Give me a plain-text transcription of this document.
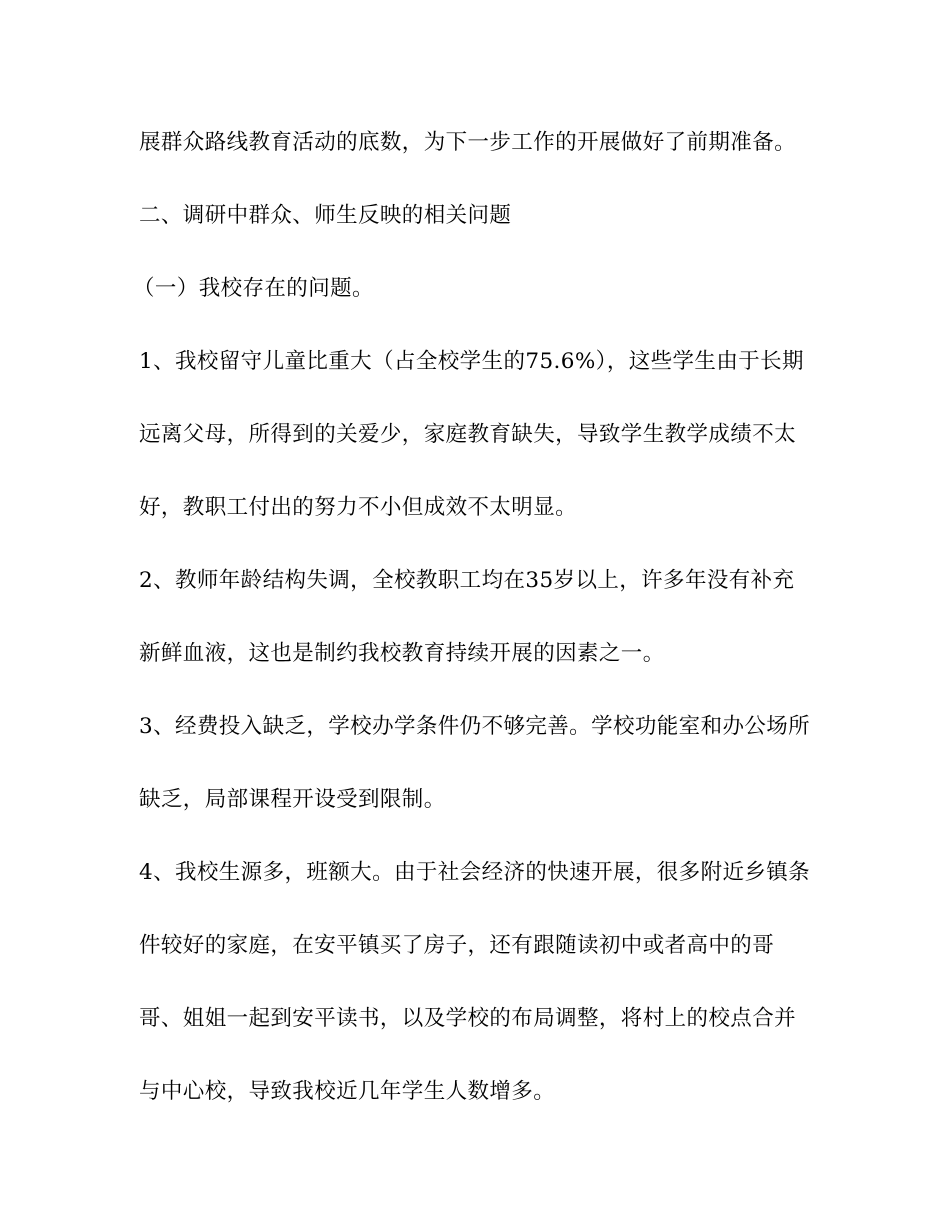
展群众路线教育活动的底数，为下一步工作的开展做好了前期准备。
二、调研中群众、师生反映的相关问题
（一）我校存在的问题。
1、我校留守儿童比重大（占全校学生的75.6%），这些学生由于长期
远离父母，所得到的关爱少，家庭教育缺失，导致学生教学成绩不太
好，教职工付出的努力不小但成效不太明显。
2、教师年龄结构失调，全校教职工均在35岁以上，许多年没有补充
新鲜血液，这也是制约我校教育持续开展的因素之一。
3、经费投入缺乏，学校办学条件仍不够完善。学校功能室和办公场所
缺乏，局部课程开设受到限制。
4、我校生源多，班额大。由于社会经济的快速开展，很多附近乡镇条
件较好的家庭，在安平镇买了房子，还有跟随读初中或者高中的哥
哥、姐姐一起到安平读书，以及学校的布局调整，将村上的校点合并
与中心校，导致我校近几年学生人数增多。
